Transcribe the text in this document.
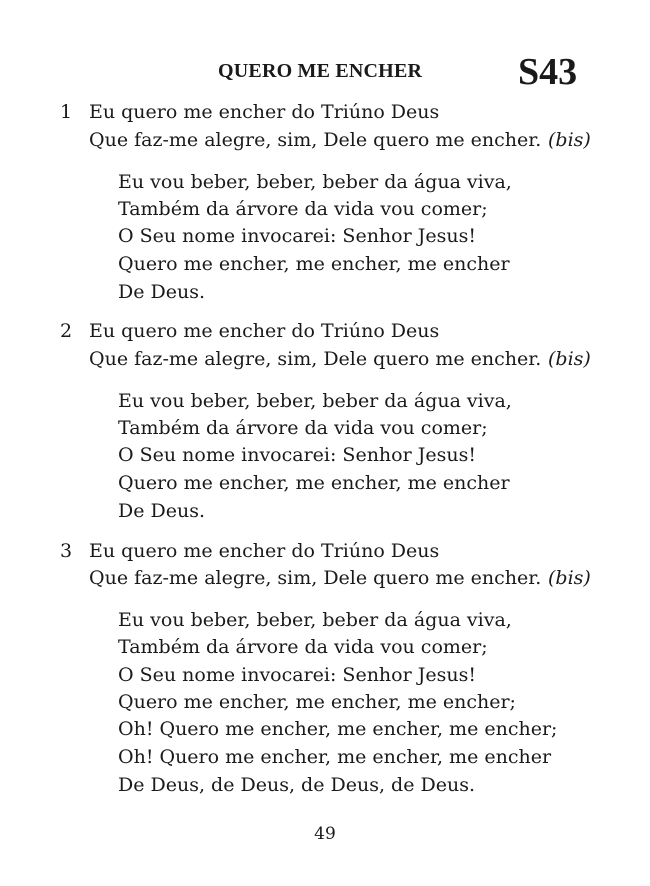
QUERO ME ENCHER	S43
1 Eu quero me encher do Triúno Deus
Que faz-me alegre, sim, Dele quero me encher. (bis)
Eu vou beber, beber, beber da água viva,
Também da árvore da vida vou comer;
O Seu nome invocarei: Senhor Jesus!
Quero me encher, me encher, me encher
De Deus.
2 Eu quero me encher do Triúno Deus
Que faz-me alegre, sim, Dele quero me encher. (bis)
Eu vou beber, beber, beber da água viva,
Também da árvore da vida vou comer;
O Seu nome invocarei: Senhor Jesus!
Quero me encher, me encher, me encher
De Deus.
3 Eu quero me encher do Triúno Deus
Que faz-me alegre, sim, Dele quero me encher. (bis)
Eu vou beber, beber, beber da água viva,
Também da árvore da vida vou comer;
O Seu nome invocarei: Senhor Jesus!
Quero me encher, me encher, me encher;
Oh! Quero me encher, me encher, me encher;
Oh! Quero me encher, me encher, me encher
De Deus, de Deus, de Deus, de Deus.
49
